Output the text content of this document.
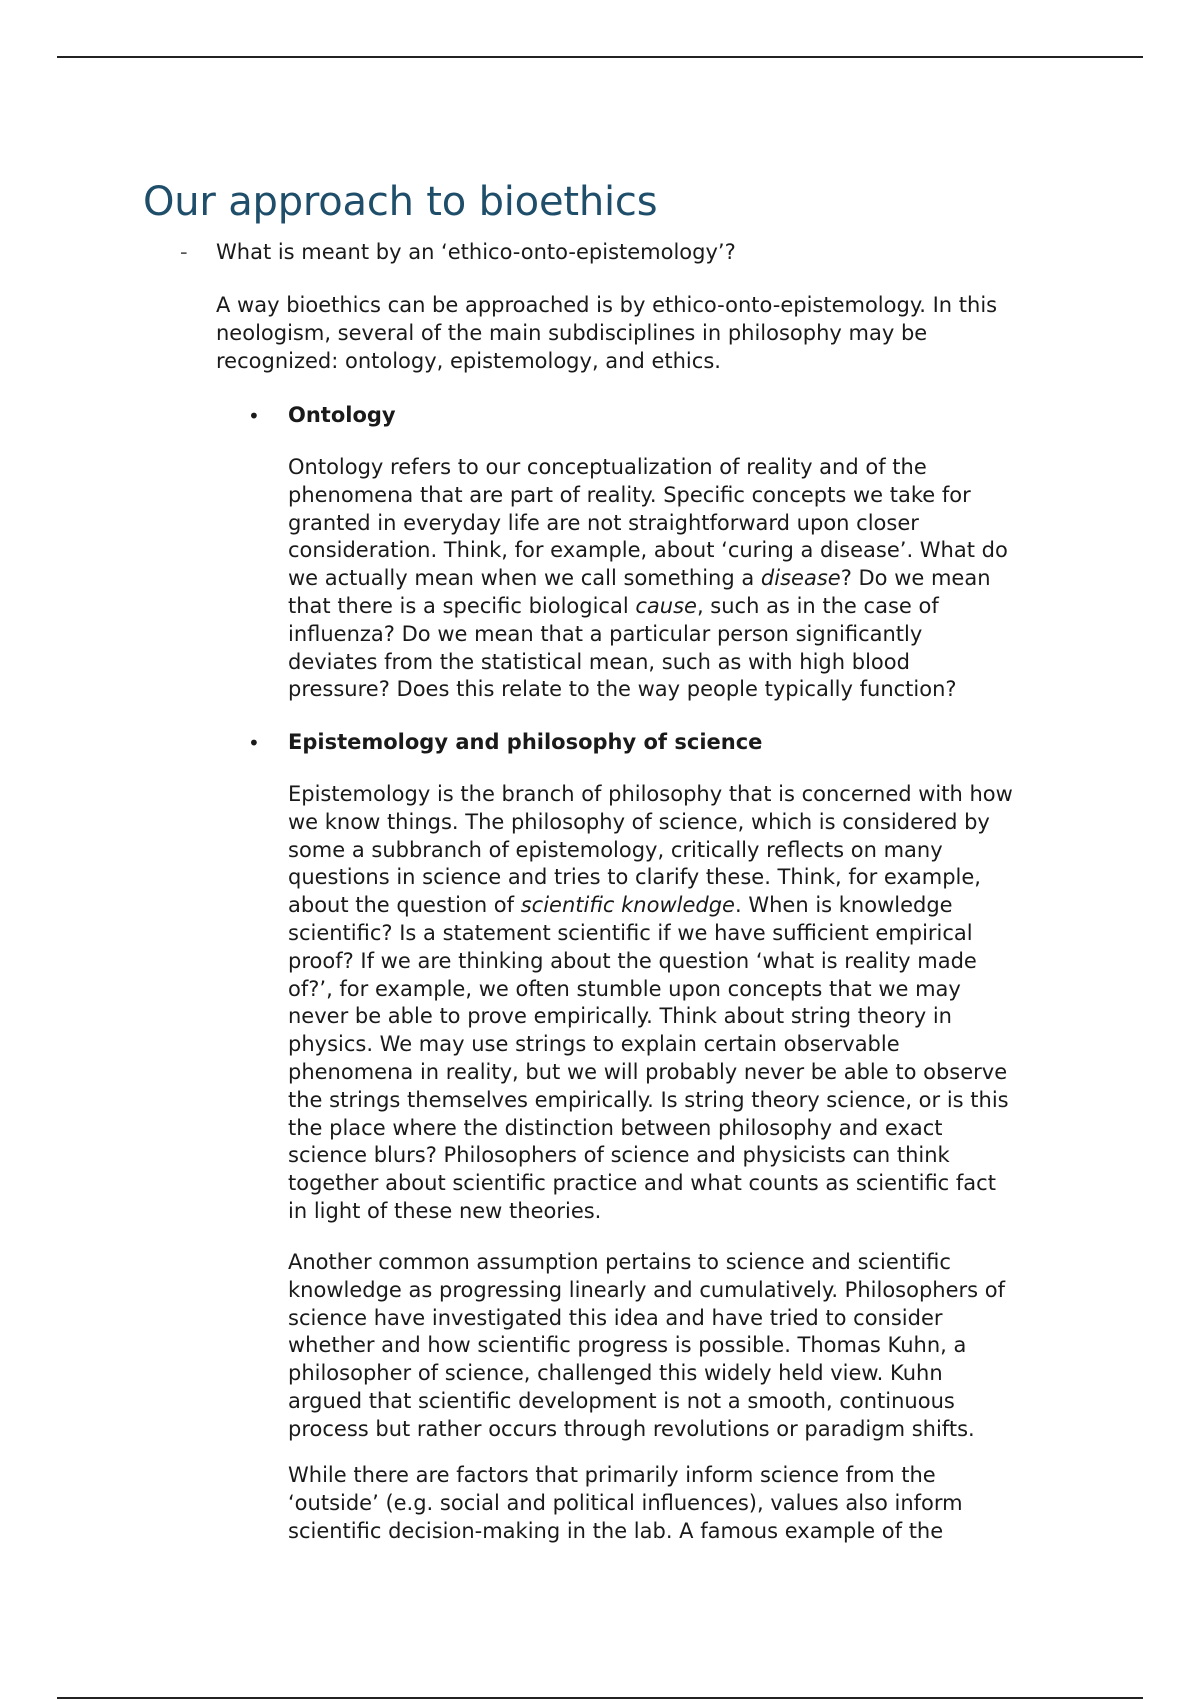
Our approach to bioethics
- What is meant by an ‘ethico-onto-epistemology’?

A way bioethics can be approached is by ethico-onto-epistemology. In this
neologism, several of the main subdisciplines in philosophy may be
recognized: ontology, epistemology, and ethics.

• Ontology

Ontology refers to our conceptualization of reality and of the
phenomena that are part of reality. Specific concepts we take for
granted in everyday life are not straightforward upon closer
consideration. Think, for example, about ‘curing a disease’. What do
we actually mean when we call something a disease? Do we mean
that there is a specific biological cause, such as in the case of
influenza? Do we mean that a particular person significantly
deviates from the statistical mean, such as with high blood
pressure? Does this relate to the way people typically function?

• Epistemology and philosophy of science

Epistemology is the branch of philosophy that is concerned with how
we know things. The philosophy of science, which is considered by
some a subbranch of epistemology, critically reflects on many
questions in science and tries to clarify these. Think, for example,
about the question of scientific knowledge. When is knowledge
scientific? Is a statement scientific if we have sufficient empirical
proof? If we are thinking about the question ‘what is reality made
of?’, for example, we often stumble upon concepts that we may
never be able to prove empirically. Think about string theory in
physics. We may use strings to explain certain observable
phenomena in reality, but we will probably never be able to observe
the strings themselves empirically. Is string theory science, or is this
the place where the distinction between philosophy and exact
science blurs? Philosophers of science and physicists can think
together about scientific practice and what counts as scientific fact
in light of these new theories.

Another common assumption pertains to science and scientific
knowledge as progressing linearly and cumulatively. Philosophers of
science have investigated this idea and have tried to consider
whether and how scientific progress is possible. Thomas Kuhn, a
philosopher of science, challenged this widely held view. Kuhn
argued that scientific development is not a smooth, continuous
process but rather occurs through revolutions or paradigm shifts.

While there are factors that primarily inform science from the
‘outside’ (e.g. social and political influences), values also inform
scientific decision-making in the lab. A famous example of the
